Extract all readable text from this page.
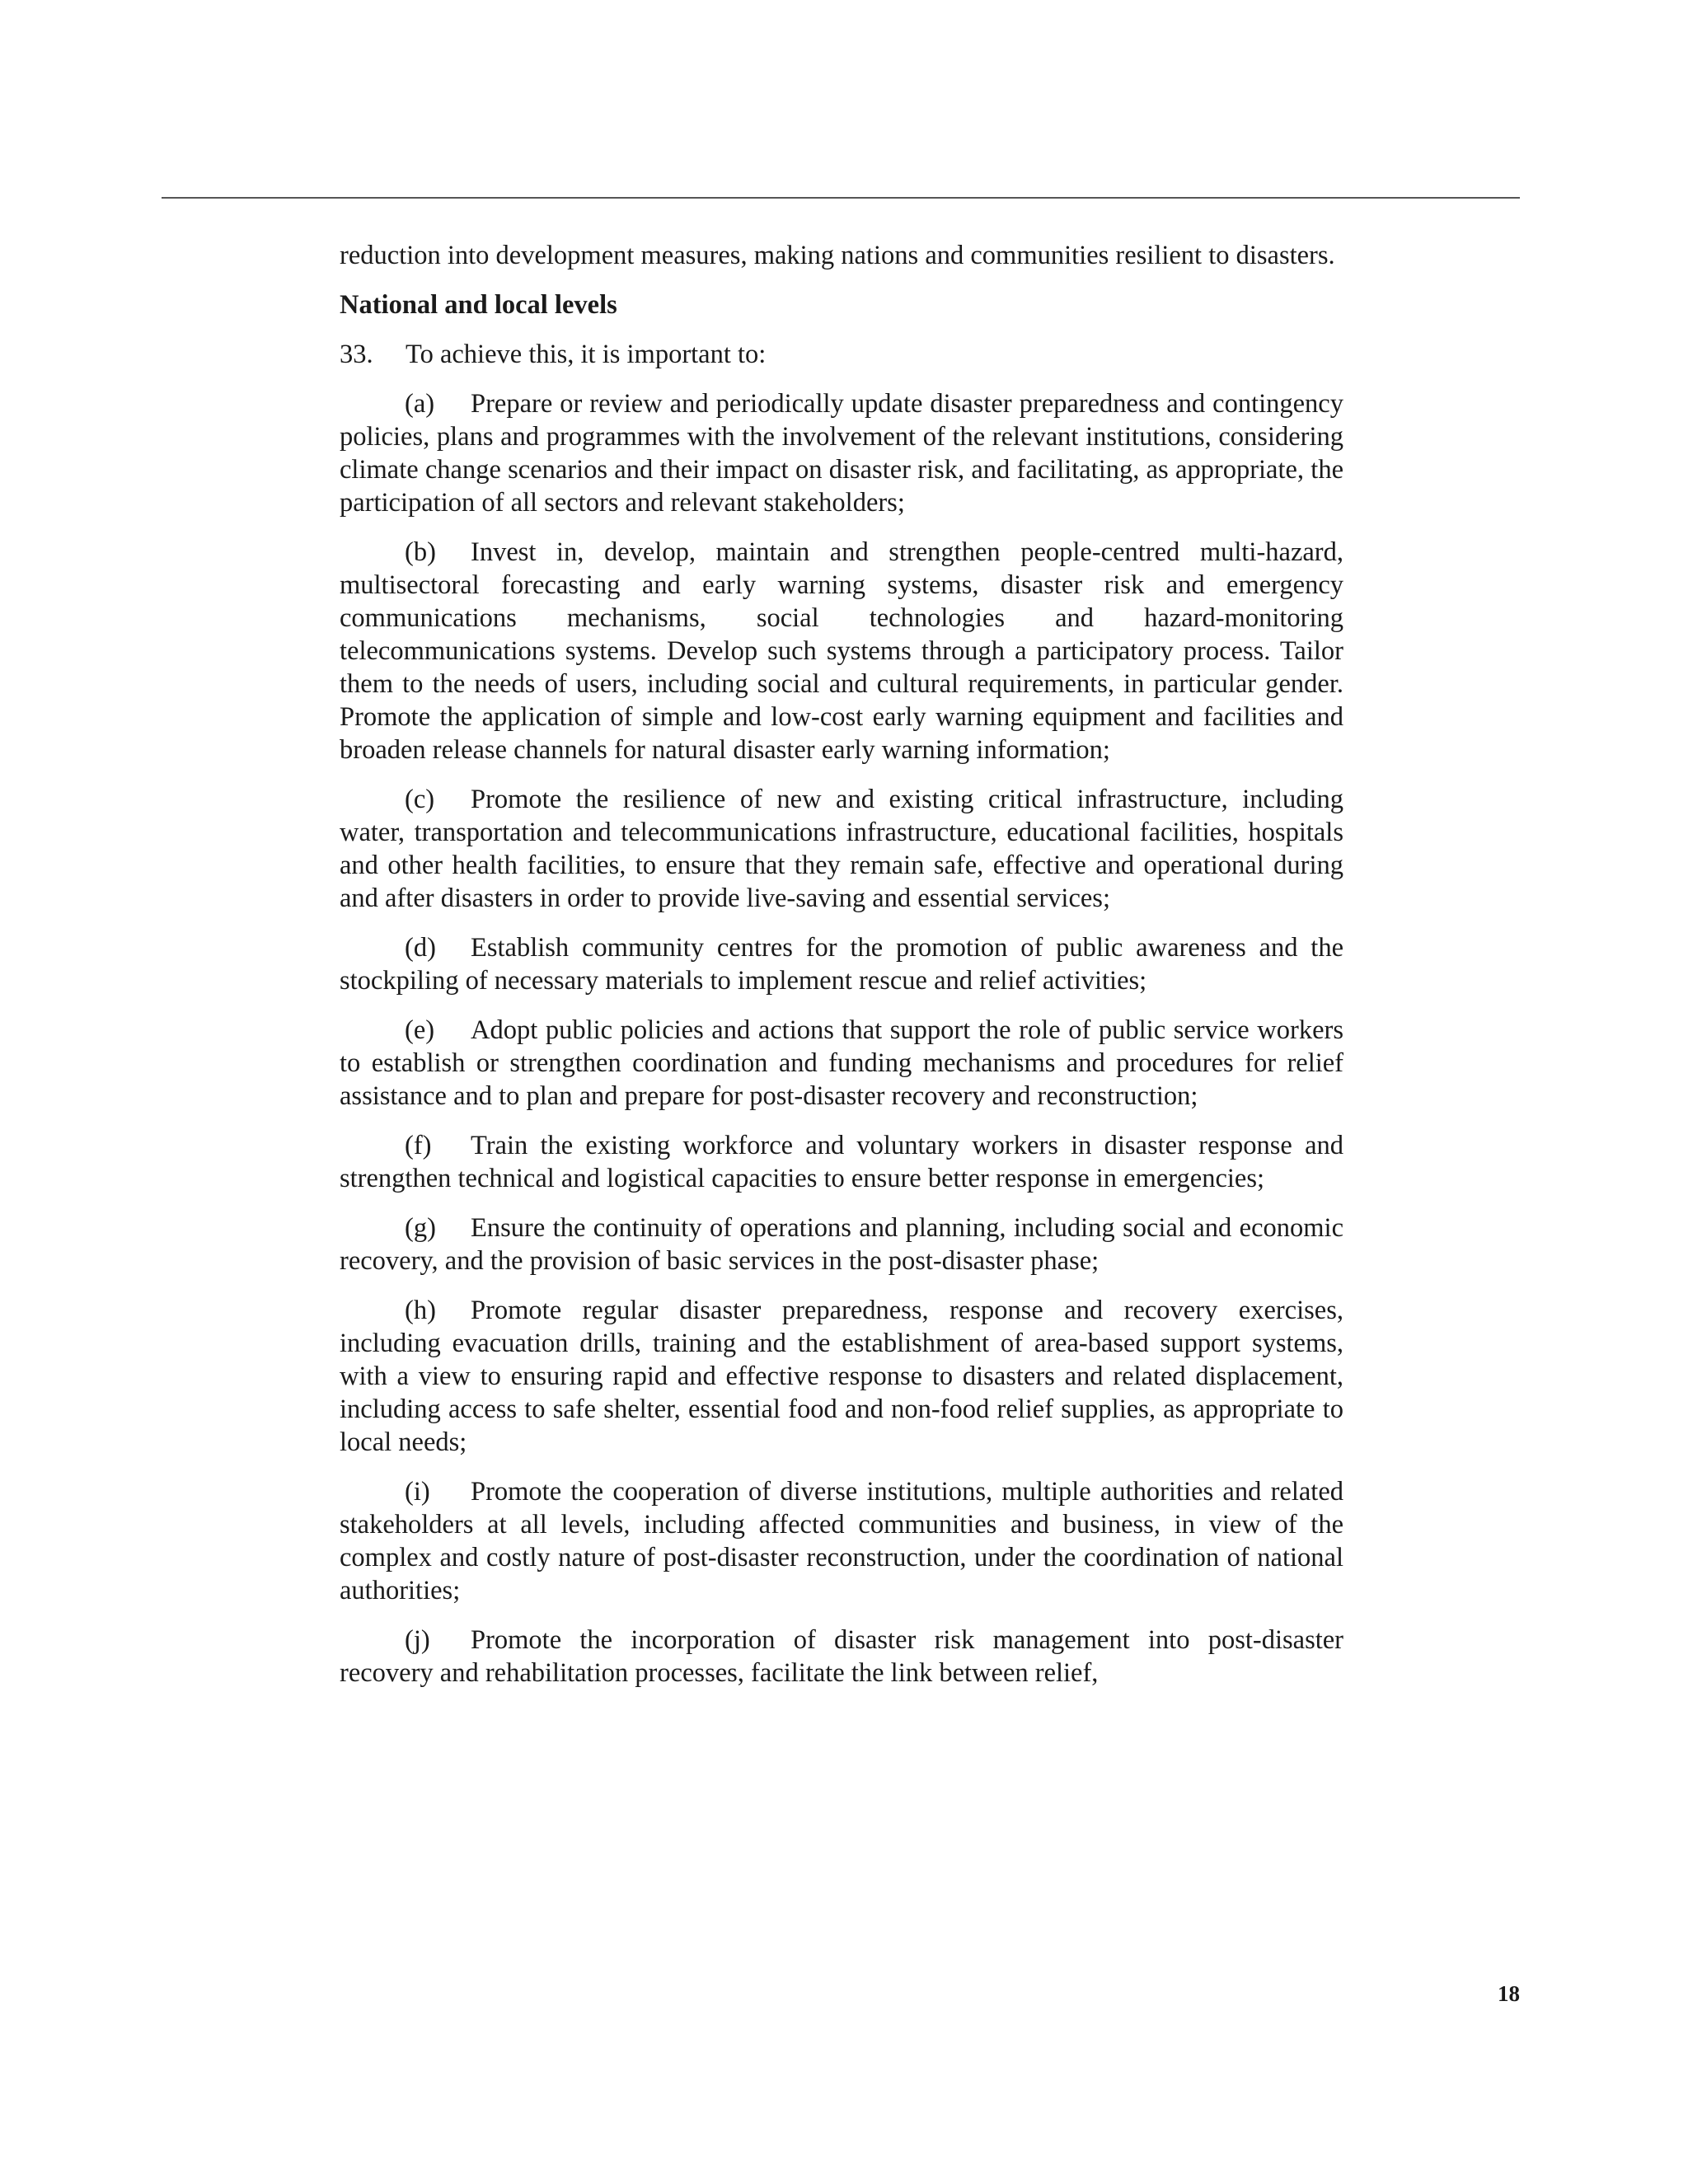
reduction into development measures, making nations and communities resilient to disasters.

National and local levels

33. To achieve this, it is important to:

(a) Prepare or review and periodically update disaster preparedness and contingency policies, plans and programmes with the involvement of the relevant institutions, considering climate change scenarios and their impact on disaster risk, and facilitating, as appropriate, the participation of all sectors and relevant stakeholders;

(b) Invest in, develop, maintain and strengthen people-centred multi-hazard, multisectoral forecasting and early warning systems, disaster risk and emergency communications mechanisms, social technologies and hazard-monitoring telecommunications systems. Develop such systems through a participatory process. Tailor them to the needs of users, including social and cultural requirements, in particular gender. Promote the application of simple and low-cost early warning equipment and facilities and broaden release channels for natural disaster early warning information;

(c) Promote the resilience of new and existing critical infrastructure, including water, transportation and telecommunications infrastructure, educational facilities, hospitals and other health facilities, to ensure that they remain safe, effective and operational during and after disasters in order to provide live-saving and essential services;

(d) Establish community centres for the promotion of public awareness and the stockpiling of necessary materials to implement rescue and relief activities;

(e) Adopt public policies and actions that support the role of public service workers to establish or strengthen coordination and funding mechanisms and procedures for relief assistance and to plan and prepare for post-disaster recovery and reconstruction;

(f) Train the existing workforce and voluntary workers in disaster response and strengthen technical and logistical capacities to ensure better response in emergencies;

(g) Ensure the continuity of operations and planning, including social and economic recovery, and the provision of basic services in the post-disaster phase;

(h) Promote regular disaster preparedness, response and recovery exercises, including evacuation drills, training and the establishment of area-based support systems, with a view to ensuring rapid and effective response to disasters and related displacement, including access to safe shelter, essential food and non-food relief supplies, as appropriate to local needs;

(i) Promote the cooperation of diverse institutions, multiple authorities and related stakeholders at all levels, including affected communities and business, in view of the complex and costly nature of post-disaster reconstruction, under the coordination of national authorities;

(j) Promote the incorporation of disaster risk management into post-disaster recovery and rehabilitation processes, facilitate the link between relief,

18
